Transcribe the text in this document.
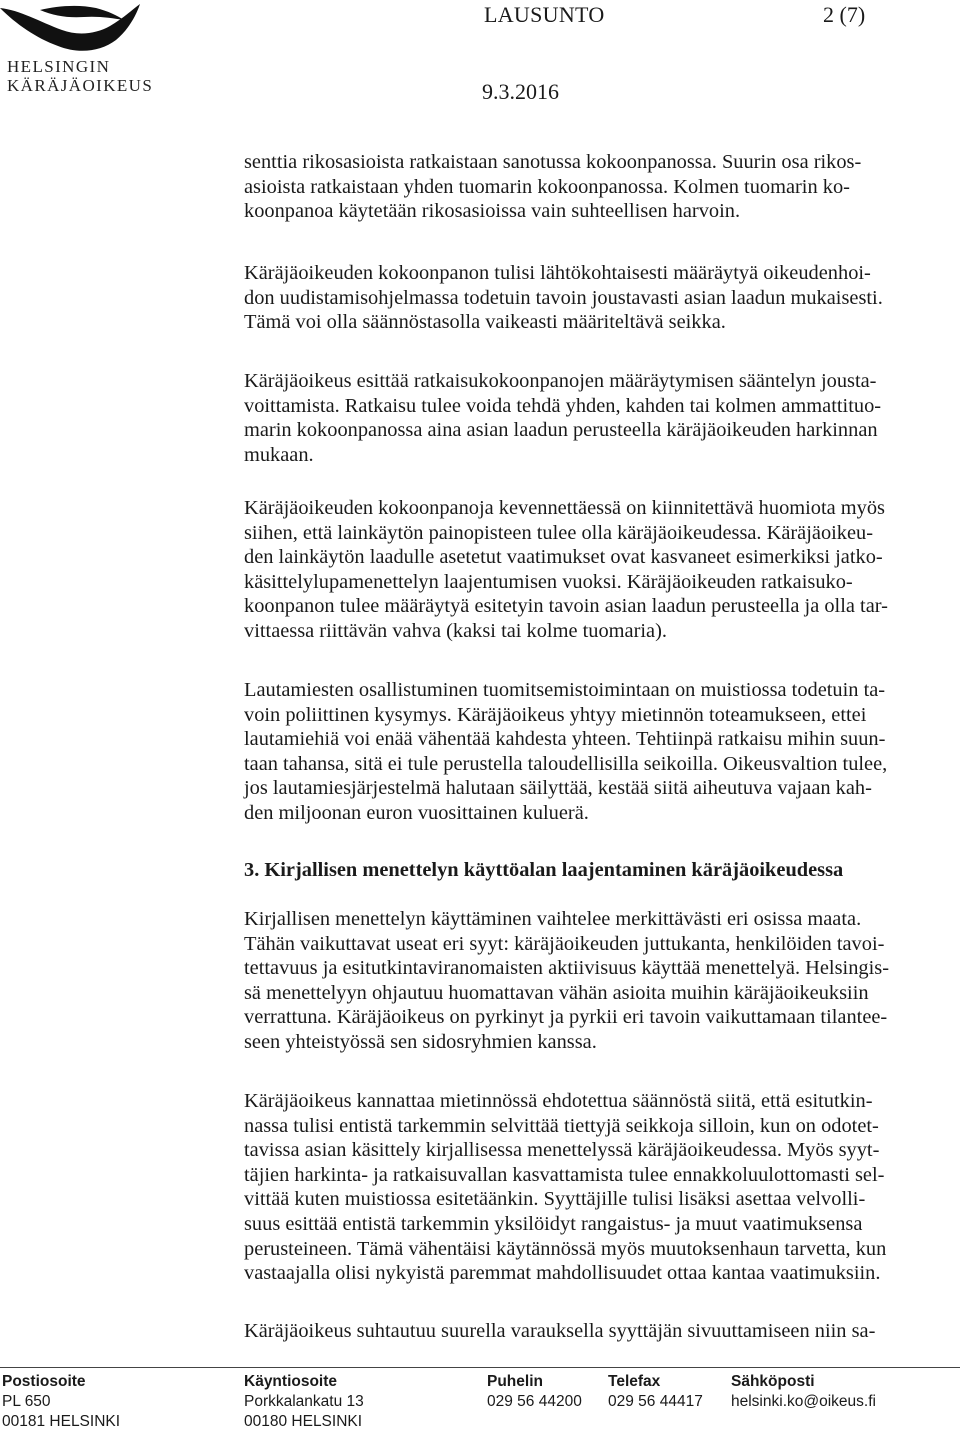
HELSINGIN
KÄRÄJÄOIKEUS
LAUSUNTO	2 (7)
9.3.2016
senttia rikosasioista ratkaistaan sanotussa kokoonpanossa. Suurin osa rikos-
asioista ratkaistaan yhden tuomarin kokoonpanossa. Kolmen tuomarin ko-
koonpanoa käytetään rikosasioissa vain suhteellisen harvoin.
Käräjäoikeuden kokoonpanon tulisi lähtökohtaisesti määräytyä oikeudenhoi-
don uudistamisohjelmassa todetuin tavoin joustavasti asian laadun mukaisesti.
Tämä voi olla säännöstasolla vaikeasti määriteltävä seikka.
Käräjäoikeus esittää ratkaisukokoonpanojen määräytymisen sääntelyn jousta-
voittamista. Ratkaisu tulee voida tehdä yhden, kahden tai kolmen ammattituo-
marin kokoonpanossa aina asian laadun perusteella käräjäoikeuden harkinnan
mukaan.
Käräjäoikeuden kokoonpanoja kevennettäessä on kiinnitettävä huomiota myös
siihen, että lainkäytön painopisteen tulee olla käräjäoikeudessa. Käräjäoikeu-
den lainkäytön laadulle asetetut vaatimukset ovat kasvaneet esimerkiksi jatko-
käsittelylupamenettelyn laajentumisen vuoksi. Käräjäoikeuden ratkaisuko-
koonpanon tulee määräytyä esitetyin tavoin asian laadun perusteella ja olla tar-
vittaessa riittävän vahva (kaksi tai kolme tuomaria).
Lautamiesten osallistuminen tuomitsemistoimintaan on muistiossa todetuin ta-
voin poliittinen kysymys. Käräjäoikeus yhtyy mietinnön toteamukseen, ettei
lautamiehiä voi enää vähentää kahdesta yhteen. Tehtiinpä ratkaisu mihin suun-
taan tahansa, sitä ei tule perustella taloudellisilla seikoilla. Oikeusvaltion tulee,
jos lautamiesjärjestelmä halutaan säilyttää, kestää siitä aiheutuva vajaan kah-
den miljoonan euron vuosittainen kuluerä.
3. Kirjallisen menettelyn käyttöalan laajentaminen käräjäoikeudessa
Kirjallisen menettelyn käyttäminen vaihtelee merkittävästi eri osissa maata.
Tähän vaikuttavat useat eri syyt: käräjäoikeuden juttukanta, henkilöiden tavoi-
tettavuus ja esitutkintaviranomaisten aktiivisuus käyttää menettelyä. Helsingis-
sä menettelyyn ohjautuu huomattavan vähän asioita muihin käräjäoikeuksiin
verrattuna. Käräjäoikeus on pyrkinyt ja pyrkii eri tavoin vaikuttamaan tilantee-
seen yhteistyössä sen sidosryhmien kanssa.
Käräjäoikeus kannattaa mietinnössä ehdotettua säännöstä siitä, että esitutkin-
nassa tulisi entistä tarkemmin selvittää tiettyjä seikkoja silloin, kun on odotet-
tavissa asian käsittely kirjallisessa menettelyssä käräjäoikeudessa. Myös syyt-
täjien harkinta- ja ratkaisuvallan kasvattamista tulee ennakkoluulottomasti sel-
vittää kuten muistiossa esitetäänkin. Syyttäjille tulisi lisäksi asettaa velvolli-
suus esittää entistä tarkemmin yksilöidyt rangaistus- ja muut vaatimuksensa
perusteineen. Tämä vähentäisi käytännössä myös muutoksenhaun tarvetta, kun
vastaajalla olisi nykyistä paremmat mahdollisuudet ottaa kantaa vaatimuksiin.
Käräjäoikeus suhtautuu suurella varauksella syyttäjän sivuuttamiseen niin sa-
Postiosoite
PL 650
00181 HELSINKI
Käyntiosoite
Porkkalankatu 13
00180 HELSINKI
Puhelin
029 56 44200
Telefax
029 56 44417
Sähköposti
helsinki.ko@oikeus.fi
